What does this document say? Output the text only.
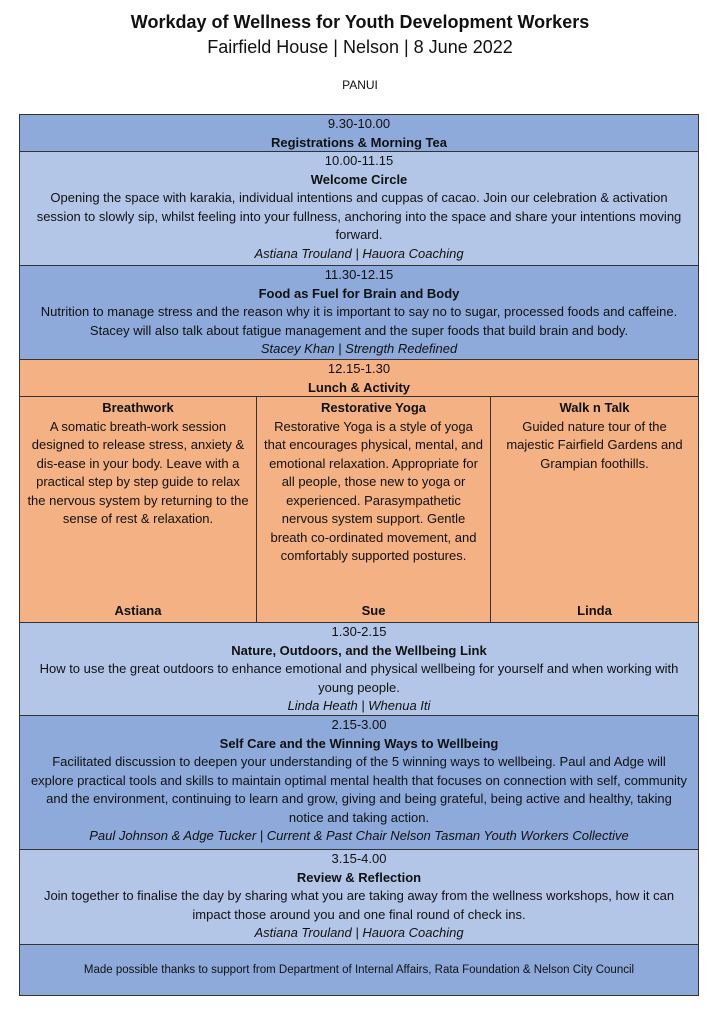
Workday of Wellness for Youth Development Workers
Fairfield House | Nelson | 8 June 2022
PANUI
9.30-10.00
Registrations & Morning Tea
10.00-11.15
Welcome Circle
Opening the space with karakia, individual intentions and cuppas of cacao. Join our celebration & activation session to slowly sip, whilst feeling into your fullness, anchoring into the space and share your intentions moving forward.
Astiana Trouland | Hauora Coaching
11.30-12.15
Food as Fuel for Brain and Body
Nutrition to manage stress and the reason why it is important to say no to sugar, processed foods and caffeine. Stacey will also talk about fatigue management and the super foods that build brain and body.
Stacey Khan | Strength Redefined
12.15-1.30
Lunch & Activity
Breathwork
A somatic breath-work session designed to release stress, anxiety & dis-ease in your body. Leave with a practical step by step guide to relax the nervous system by returning to the sense of rest & relaxation.
Astiana
Restorative Yoga
Restorative Yoga is a style of yoga that encourages physical, mental, and emotional relaxation. Appropriate for all people, those new to yoga or experienced. Parasympathetic nervous system support. Gentle breath co-ordinated movement, and comfortably supported postures.
Sue
Walk n Talk
Guided nature tour of the majestic Fairfield Gardens and Grampian foothills.
Linda
1.30-2.15
Nature, Outdoors, and the Wellbeing Link
How to use the great outdoors to enhance emotional and physical wellbeing for yourself and when working with young people.
Linda Heath | Whenua Iti
2.15-3.00
Self Care and the Winning Ways to Wellbeing
Facilitated discussion to deepen your understanding of the 5 winning ways to wellbeing. Paul and Adge will explore practical tools and skills to maintain optimal mental health that focuses on connection with self, community and the environment, continuing to learn and grow, giving and being grateful, being active and healthy, taking notice and taking action.
Paul Johnson & Adge Tucker | Current & Past Chair Nelson Tasman Youth Workers Collective
3.15-4.00
Review & Reflection
Join together to finalise the day by sharing what you are taking away from the wellness workshops, how it can impact those around you and one final round of check ins.
Astiana Trouland | Hauora Coaching
Made possible thanks to support from Department of Internal Affairs, Rata Foundation & Nelson City Council
